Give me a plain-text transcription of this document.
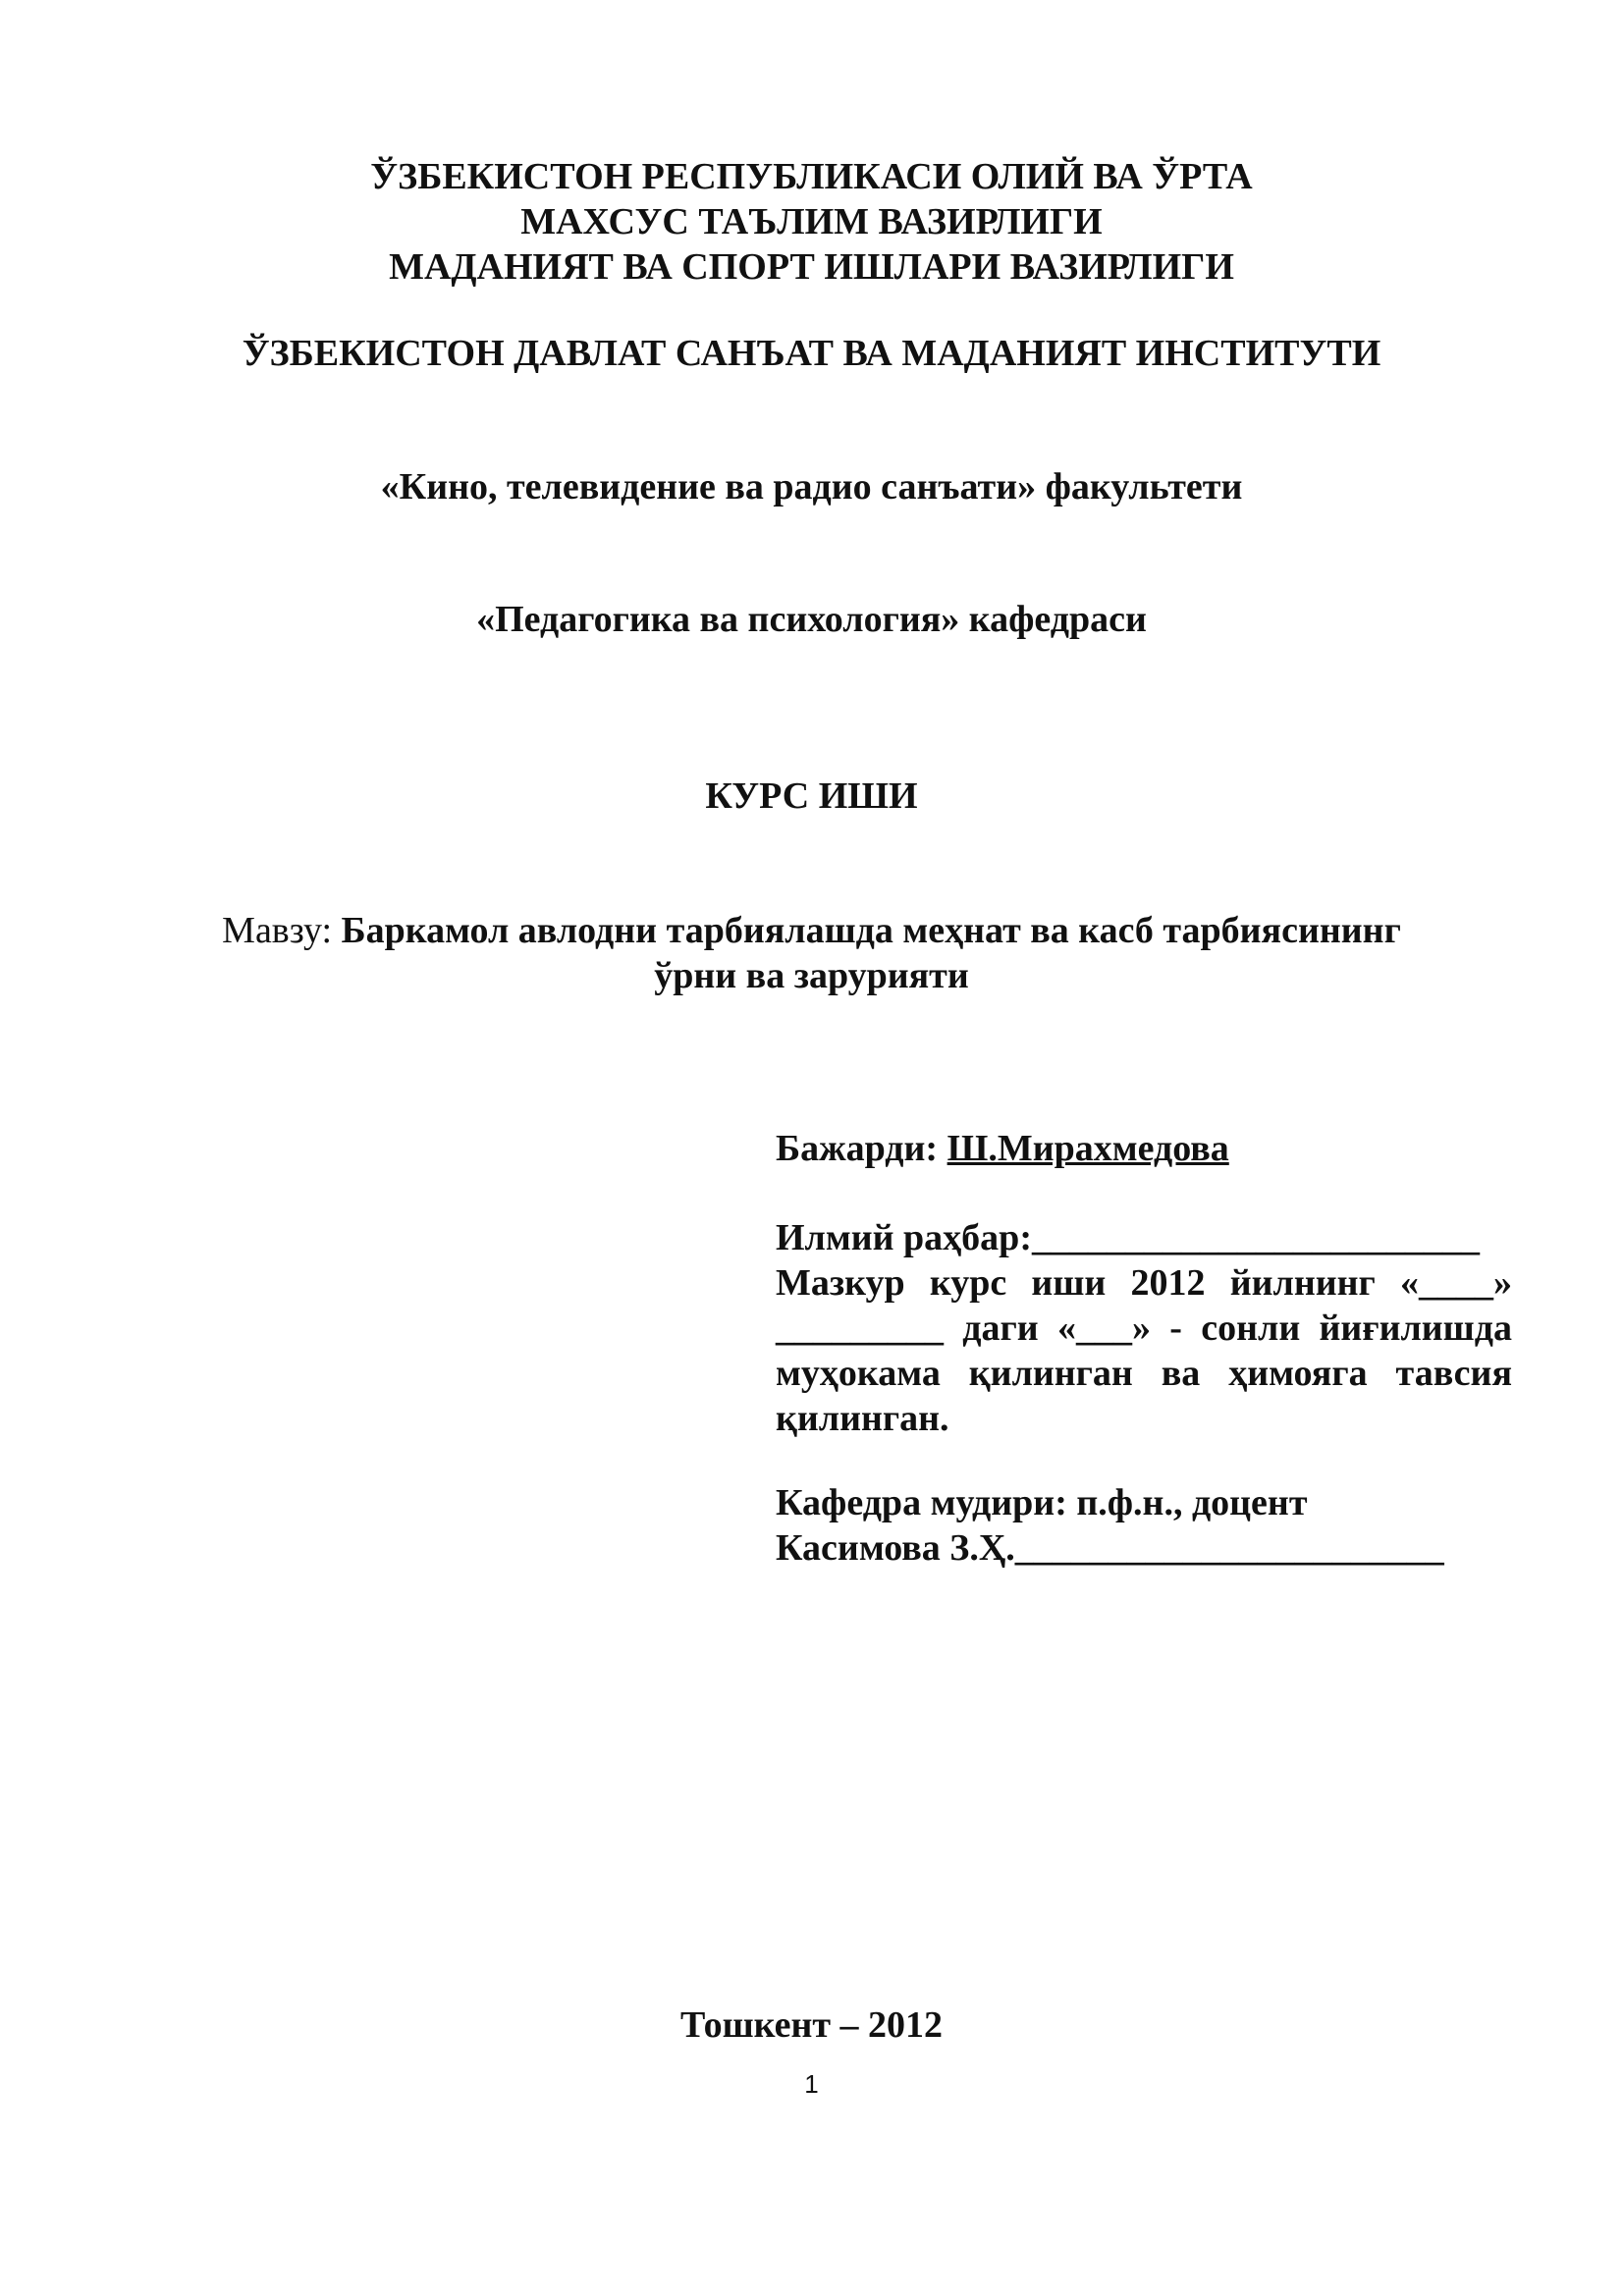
ЎЗБЕКИСТОН РЕСПУБЛИКАСИ ОЛИЙ ВА ЎРТА
МАХСУС ТАЪЛИМ ВАЗИРЛИГИ
МАДАНИЯТ ВА СПОРТ ИШЛАРИ ВАЗИРЛИГИ
ЎЗБЕКИСТОН ДАВЛАТ САНЪАТ ВА МАДАНИЯТ ИНСТИТУТИ
«Кино, телевидение ва радио санъати» факультети
«Педагогика ва психология» кафедраси
КУРС ИШИ
Мавзу: Баркамол авлодни тарбиялашда меҳнат ва касб тарбиясининг
ўрни ва зарурияти
Бажарди: Ш.Мирахмедова
Илмий раҳбар:________________________
Мазкур курс иши 2012 йилнинг «____» _________ даги «___» - сонли йиғилишда муҳокама қилинган ва ҳимояга тавсия қилинган.
Кафедра мудири: п.ф.н., доцент
Касимова З.Ҳ._______________________
Тошкент – 2012
1
